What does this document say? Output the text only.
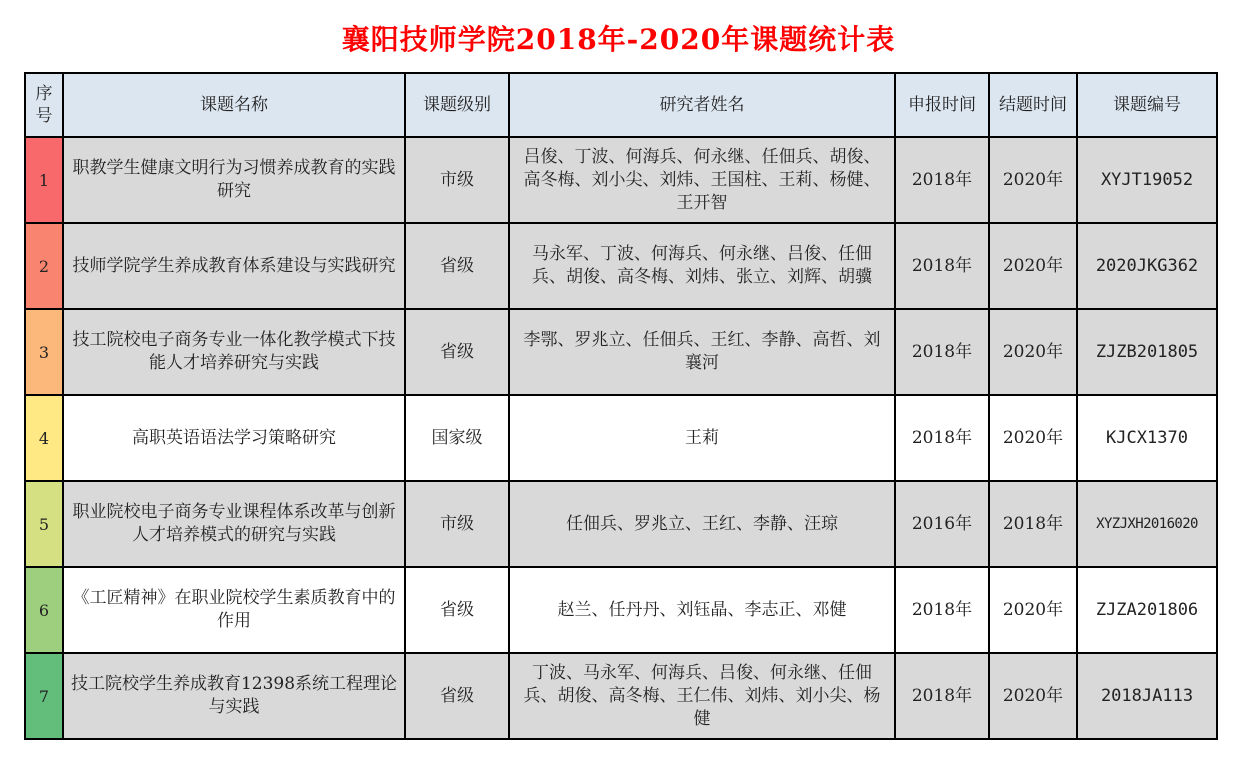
襄阳技师学院2018年-2020年课题统计表
序
号	课题名称	课题级别	研究者姓名	申报时间	结题时间	课题编号
1	职教学生健康文明行为习惯养成教育的实践研究	市级	吕俊、丁波、何海兵、何永继、任佃兵、胡俊、高冬梅、刘小尖、刘炜、王国柱、王莉、杨健、王开智	2018年	2020年	XYJT19052
2	技师学院学生养成教育体系建设与实践研究	省级	马永军、丁波、何海兵、何永继、吕俊、任佃兵、胡俊、高冬梅、刘炜、张立、刘辉、胡骥	2018年	2020年	2020JKG362
3	技工院校电子商务专业一体化教学模式下技能人才培养研究与实践	省级	李鄂、罗兆立、任佃兵、王红、李静、高哲、刘襄河	2018年	2020年	ZJZB201805
4	高职英语语法学习策略研究	国家级	王莉	2018年	2020年	KJCX1370
5	职业院校电子商务专业课程体系改革与创新人才培养模式的研究与实践	市级	任佃兵、罗兆立、王红、李静、汪琼	2016年	2018年	XYZJXH2016020
6	《工匠精神》在职业院校学生素质教育中的作用	省级	赵兰、任丹丹、刘钰晶、李志正、邓健	2018年	2020年	ZJZA201806
7	技工院校学生养成教育12398系统工程理论与实践	省级	丁波、马永军、何海兵、吕俊、何永继、任佃兵、胡俊、高冬梅、王仁伟、刘炜、刘小尖、杨健	2018年	2020年	2018JA113
